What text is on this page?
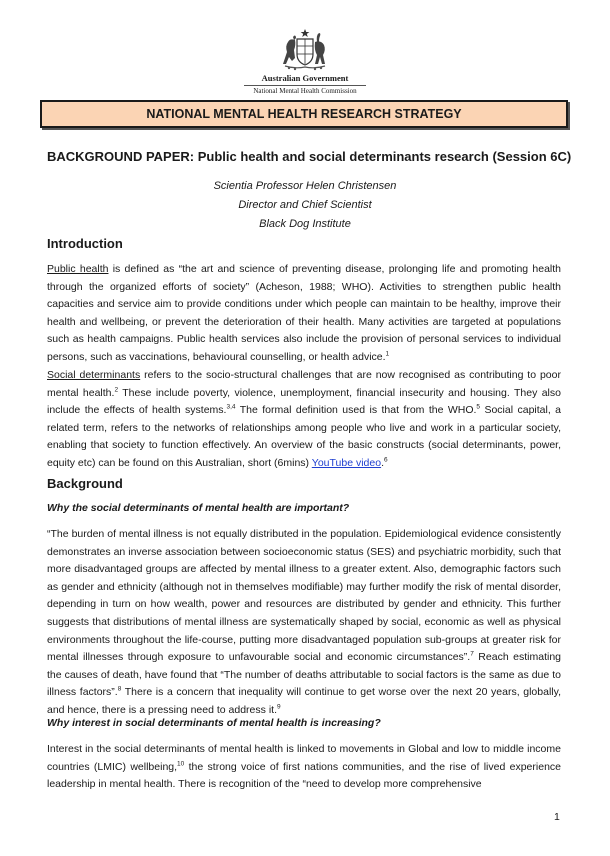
Australian Government
National Mental Health Commission
NATIONAL MENTAL HEALTH RESEARCH STRATEGY
BACKGROUND PAPER: Public health and social determinants research (Session 6C)
Scientia Professor Helen Christensen
Director and Chief Scientist
Black Dog Institute
Introduction
Public health is defined as “the art and science of preventing disease, prolonging life and promoting health through the organized efforts of society” (Acheson, 1988; WHO). Activities to strengthen public health capacities and service aim to provide conditions under which people can maintain to be healthy, improve their health and wellbeing, or prevent the deterioration of their health. Many activities are targeted at populations such as health campaigns. Public health services also include the provision of personal services to individual persons, such as vaccinations, behavioural counselling, or health advice.$^1$
Social determinants refers to the socio-structural challenges that are now recognised as contributing to poor mental health.$^2$ These include poverty, violence, unemployment, financial insecurity and housing. They also include the effects of health systems.$^{3,4}$ The formal definition used is that from the WHO.$^5$ Social capital, a related term, refers to the networks of relationships among people who live and work in a particular society, enabling that society to function effectively. An overview of the basic constructs (social determinants, power, equity etc) can be found on this Australian, short (6mins) YouTube video.$^6$
Background
Why the social determinants of mental health are important?
“The burden of mental illness is not equally distributed in the population. Epidemiological evidence consistently demonstrates an inverse association between socioeconomic status (SES) and psychiatric morbidity, such that more disadvantaged groups are affected by mental illness to a greater extent. Also, demographic factors such as gender and ethnicity (although not in themselves modifiable) may further modify the risk of mental disorder, depending in turn on how wealth, power and resources are distributed by gender and ethnicity. This further suggests that distributions of mental illness are systematically shaped by social, economic as well as physical environments throughout the life-course, putting more disadvantaged population sub-groups at greater risk for mental illnesses through exposure to unfavourable social and economic circumstances”.$^7$ Reach estimating the causes of death, have found that “The number of deaths attributable to social factors is the same as due to illness factors”.$^8$ There is a concern that inequality will continue to get worse over the next 20 years, globally, and hence, there is a pressing need to address it.$^9$
Why interest in social determinants of mental health is increasing?
Interest in the social determinants of mental health is linked to movements in Global and low to middle income countries (LMIC) wellbeing,$^{10}$ the strong voice of first nations communities, and the rise of lived experience leadership in mental health. There is recognition of the “need to develop more comprehensive
1
